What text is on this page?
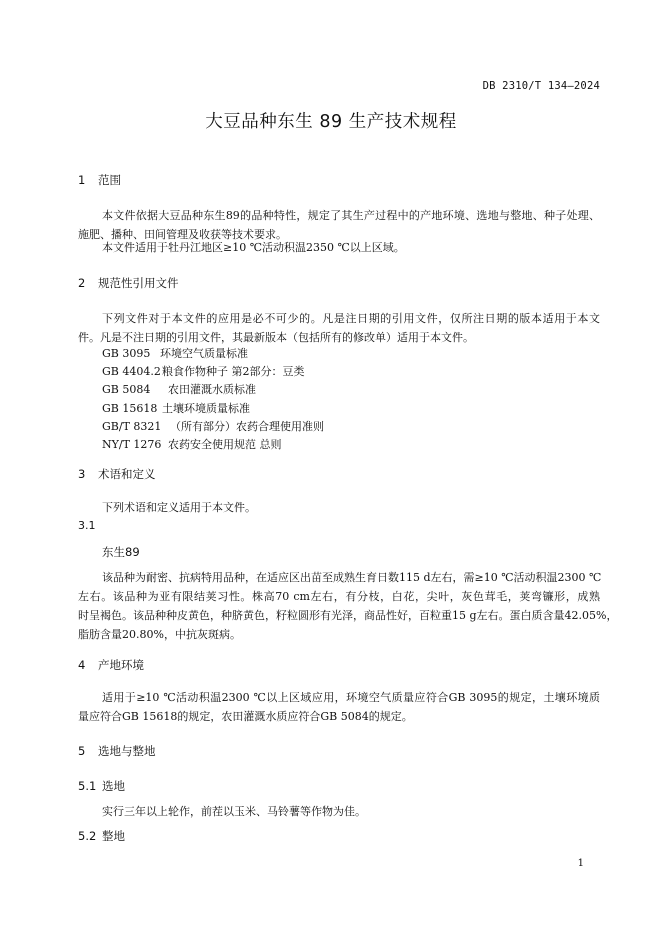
DB 2310/T 134—2024
大豆品种东生 89 生产技术规程
1	范围
本文件依据大豆品种东生89的品种特性，规定了其生产过程中的产地环境、选地与整地、种子处理、
施肥、播种、田间管理及收获等技术要求。
本文件适用于牡丹江地区≥10 ℃活动积温2350 ℃以上区域。
2	规范性引用文件
下列文件对于本文件的应用是必不可少的。凡是注日期的引用文件，仅所注日期的版本适用于本文
件。凡是不注日期的引用文件，其最新版本（包括所有的修改单）适用于本文件。
GB 3095 环境空气质量标准
GB 4404.2粮食作物种子 第2部分：豆类
GB 5084 农田灌溉水质标准
GB 15618 土壤环境质量标准
GB/T 8321 （所有部分）农药合理使用准则
NY/T 1276 农药安全使用规范 总则
3	术语和定义
下列术语和定义适用于本文件。
3.1
东生89
该品种为耐密、抗病特用品种，在适应区出苗至成熟生育日数115 d左右，需≥10 ℃活动积温2300 ℃
左右。该品种为亚有限结荚习性。株高70 cm左右，有分枝，白花，尖叶，灰色茸毛，荚弯镰形，成熟
时呈褐色。该品种种皮黄色，种脐黄色，籽粒圆形有光泽，商品性好，百粒重15 g左右。蛋白质含量42.05%，
脂肪含量20.80%，中抗灰斑病。
4	产地环境
适用于≥10 ℃活动积温2300 ℃以上区域应用，环境空气质量应符合GB 3095的规定，土壤环境质
量应符合GB 15618的规定，农田灌溉水质应符合GB 5084的规定。
5	选地与整地
5.1 选地
实行三年以上轮作，前茬以玉米、马铃薯等作物为佳。
5.2 整地
1
